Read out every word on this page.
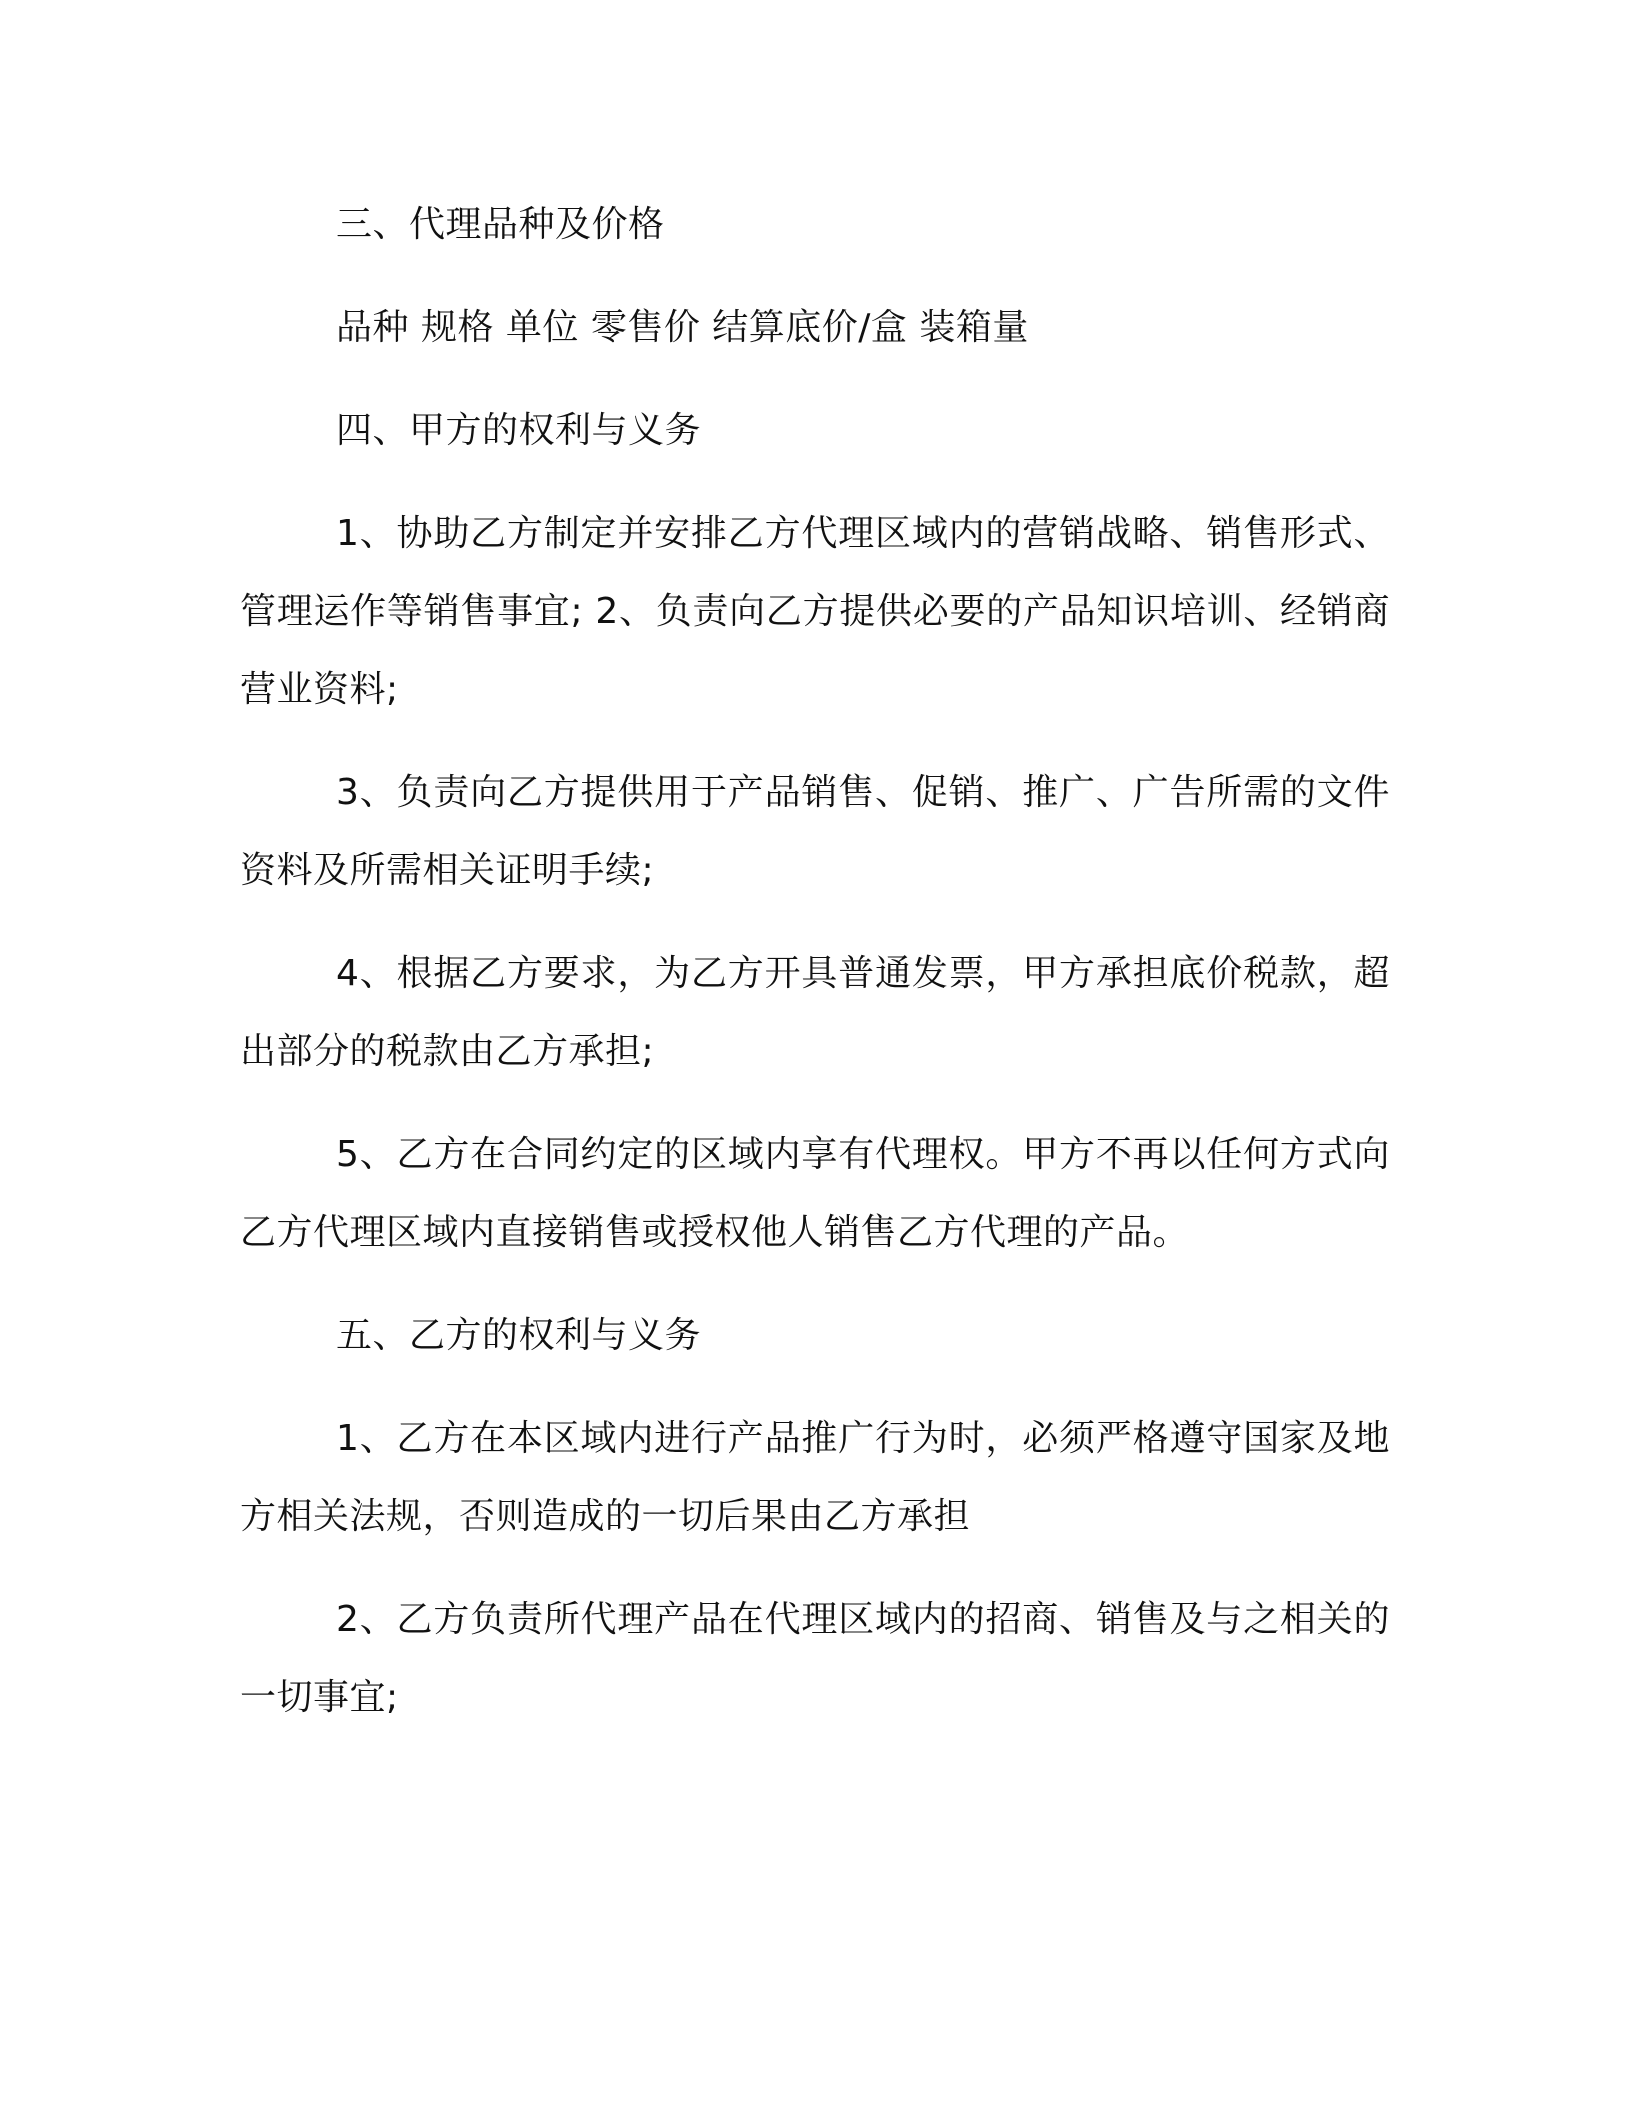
三、代理品种及价格

品种 规格 单位 零售价 结算底价/盒 装箱量

四、甲方的权利与义务

1、协助乙方制定并安排乙方代理区域内的营销战略、销售形式、管理运作等销售事宜; 2、负责向乙方提供必要的产品知识培训、经销商营业资料;

3、负责向乙方提供用于产品销售、促销、推广、广告所需的文件资料及所需相关证明手续;

4、根据乙方要求，为乙方开具普通发票，甲方承担底价税款，超出部分的税款由乙方承担;

5、乙方在合同约定的区域内享有代理权。甲方不再以任何方式向乙方代理区域内直接销售或授权他人销售乙方代理的产品。

五、乙方的权利与义务

1、乙方在本区域内进行产品推广行为时，必须严格遵守国家及地方相关法规，否则造成的一切后果由乙方承担

2、乙方负责所代理产品在代理区域内的招商、销售及与之相关的一切事宜;
